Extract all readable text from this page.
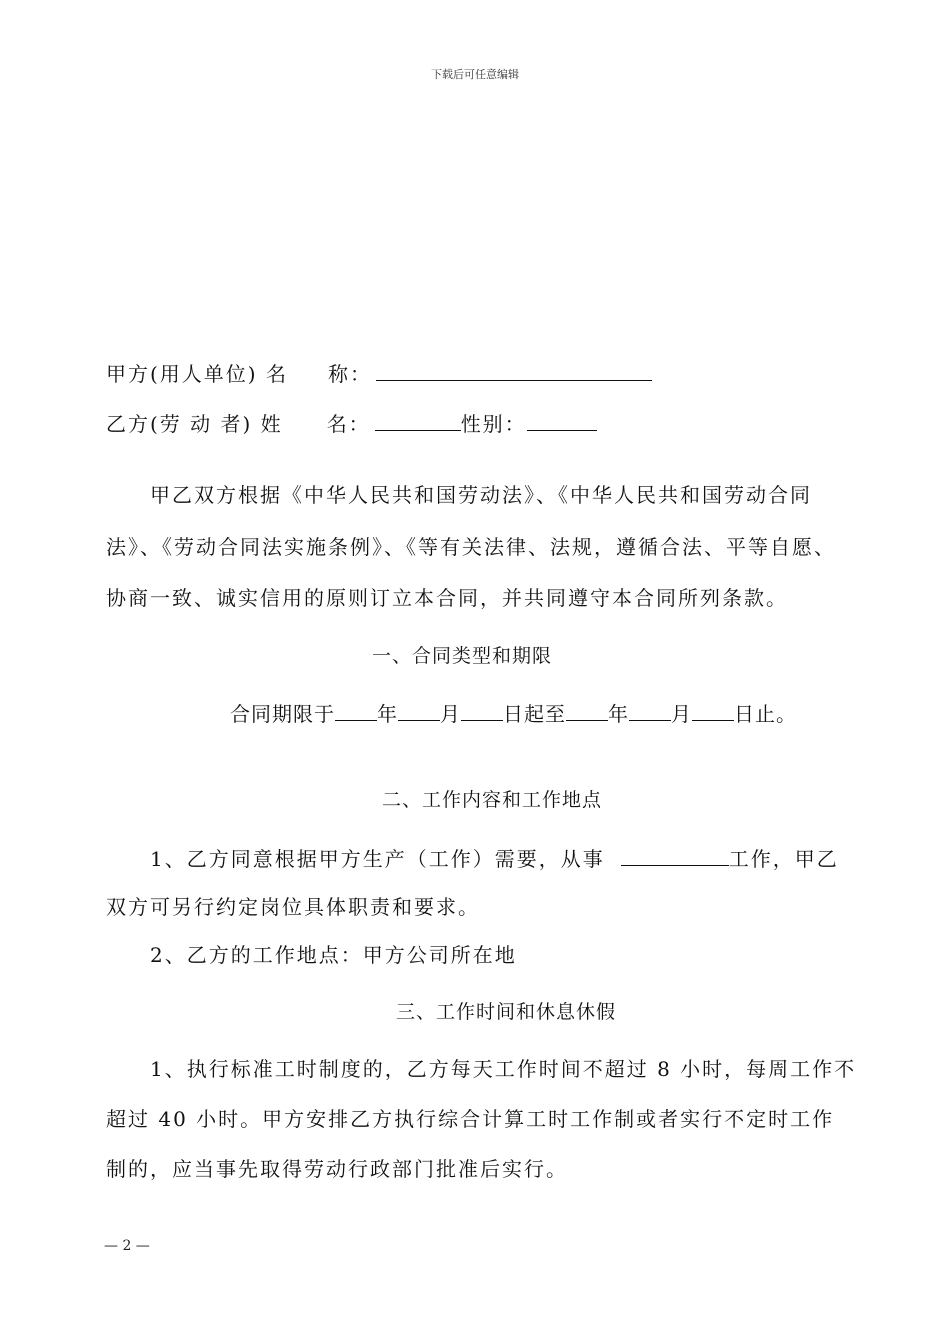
下载后可任意编辑
甲方(用人单位) 名 称：
乙方(劳 动 者) 姓 名：	性别：
甲乙双方根据《中华人民共和国劳动法》、《中华人民共和国劳动合同
法》、《劳动合同法实施条例》、《等有关法律、法规，遵循合法、平等自愿、
协商一致、诚实信用的原则订立本合同，并共同遵守本合同所列条款。
一、合同类型和期限
合同期限于 年 月 日起至 年 月 日止。
二、工作内容和工作地点
1、乙方同意根据甲方生产（工作）需要，从事	工作，甲乙
双方可另行约定岗位具体职责和要求。
2、乙方的工作地点：甲方公司所在地
三、工作时间和休息休假
1、执行标准工时制度的，乙方每天工作时间不超过 8 小时，每周工作不
超过 40 小时。甲方安排乙方执行综合计算工时工作制或者实行不定时工作
制的，应当事先取得劳动行政部门批准后实行。
— 2 —
